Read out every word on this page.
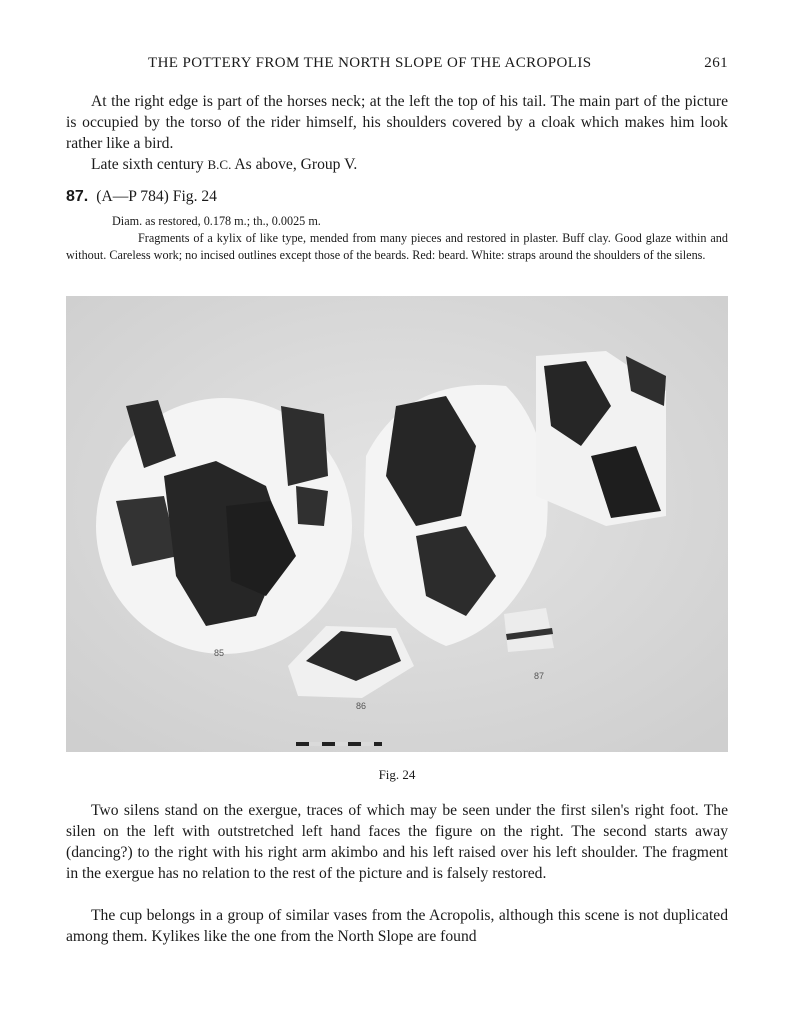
THE POTTERY FROM THE NORTH SLOPE OF THE ACROPOLIS	261

At the right edge is part of the horses neck; at the left the top of his tail. The main part of the picture is occupied by the torso of the rider himself, his shoulders covered by a cloak which makes him look rather like a bird.

Late sixth century B.C. As above, Group V.

87. (A—P 784) Fig. 24
Diam. as restored, 0.178 m.; th., 0.0025 m.
Fragments of a kylix of like type, mended from many pieces and restored in plaster. Buff clay. Good glaze within and without. Careless work; no incised outlines except those of the beards. Red: beard. White: straps around the shoulders of the silens.
85
86
87
Fig. 24

Two silens stand on the exergue, traces of which may be seen under the first silen's right foot. The silen on the left with outstretched left hand faces the figure on the right. The second starts away (dancing?) to the right with his right arm akimbo and his left raised over his left shoulder. The fragment in the exergue has no relation to the rest of the picture and is falsely restored.

The cup belongs in a group of similar vases from the Acropolis, although this scene is not duplicated among them. Kylikes like the one from the North Slope are found
